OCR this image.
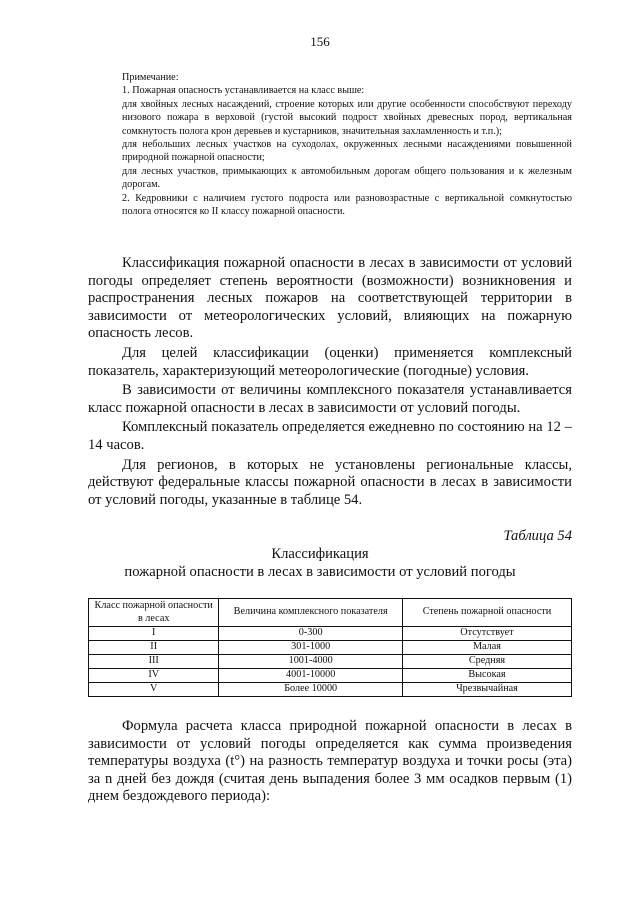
156

Примечание:

1. Пожарная опасность устанавливается на класс выше:

для хвойных лесных насаждений, строение которых или другие особенности способствуют переходу низового пожара в верховой (густой высокий подрост хвойных древесных пород, вертикальная сомкнутость полога крон деревьев и кустарников, значительная захламленность и т.п.);

для небольших лесных участков на суходолах, окруженных лесными насаждениями повышенной природной пожарной опасности;

для лесных участков, примыкающих к автомобильным дорогам общего пользования и к железным дорогам.

2. Кедровники с наличием густого подроста или разновозрастные с вертикальной сомкнутостью полога относятся ко II классу пожарной опасности.

Классификация пожарной опасности в лесах в зависимости от условий погоды определяет степень вероятности (возможности) возникновения и распространения лесных пожаров на соответствующей территории в зависимости от метеорологических условий, влияющих на пожарную опасность лесов.

Для целей классификации (оценки) применяется комплексный показатель, характеризующий метеорологические (погодные) условия.

В зависимости от величины комплексного показателя устанавливается класс пожарной опасности в лесах в зависимости от условий погоды.

Комплексный показатель определяется ежедневно по состоянию на 12 – 14 часов.

Для регионов, в которых не установлены региональные классы, действуют федеральные классы пожарной опасности в лесах в зависимости от условий погоды, указанные в таблице 54.

Таблица 54
Классификация
пожарной опасности в лесах в зависимости от условий погоды
Класс пожарной опасности в лесах	Величина комплексного показателя	Степень пожарной опасности
I	0-300	Отсутствует
II	301-1000	Малая
III	1001-4000	Средняя
IV	4001-10000	Высокая
V	Более 10000	Чрезвычайная

Формула расчета класса природной пожарной опасности в лесах в зависимости от условий погоды определяется как сумма произведения температуры воздуха (t°) на разность температур воздуха и точки росы (эта) за n дней без дождя (считая день выпадения более 3 мм осадков первым (1) днем бездождевого периода):
